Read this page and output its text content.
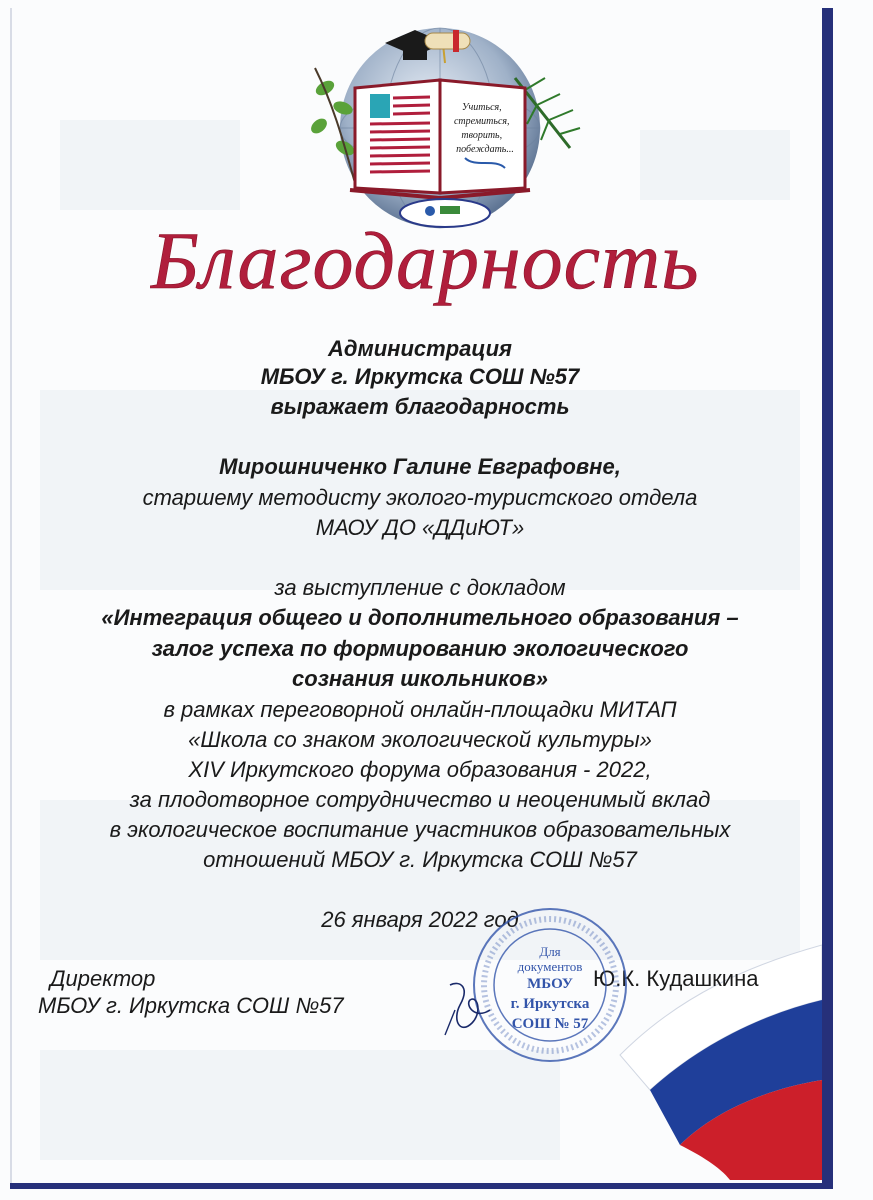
Учиться, стремиться, творить, побеждать...
Благодарность
Администрация
МБОУ г. Иркутска СОШ №57
выражает благодарность
Мирошниченко Галине Евграфовне,
старшему методисту эколого-туристского отдела
МАОУ ДО «ДДиЮТ»
за выступление с докладом
«Интеграция общего и дополнительного образования –
залог успеха по формированию экологического
сознания школьников»
в рамках переговорной онлайн-площадки МИТАП
«Школа со знаком экологической культуры»
XIV Иркутского форума образования - 2022,
за плодотворное сотрудничество и неоценимый вклад
в экологическое воспитание участников образовательных
отношений МБОУ г. Иркутска СОШ №57
26 января 2022 год
Директор
МБОУ г. Иркутска СОШ №57
Ю.К. Кудашкина
Для
документов
МБОУ
г. Иркутска
СОШ № 57
